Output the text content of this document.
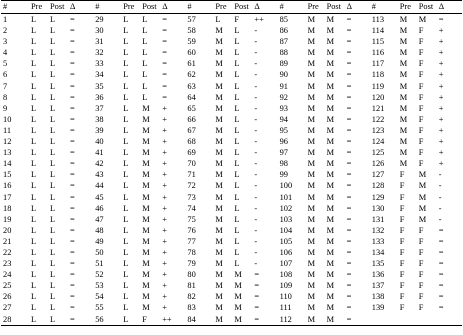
#	Pre	Post	Δ	#	Pre	Post	Δ	#	Pre	Post	Δ	#	Pre	Post	Δ	#	Pre	Post	Δ
1	L	L	=	29	L	L	=	57	L	F	++	85	M	M	=	113	M	M	=
2	L	L	=	30	L	L	=	58	M	L	-	86	M	M	=	114	M	F	+
3	L	L	=	31	L	L	=	59	M	L	-	87	M	M	=	115	M	F	+
4	L	L	=	32	L	L	=	60	M	L	-	88	M	M	=	116	M	F	+
5	L	L	=	33	L	L	=	61	M	L	-	89	M	M	=	117	M	F	+
6	L	L	=	34	L	L	=	62	M	L	-	90	M	M	=	118	M	F	+
7	L	L	=	35	L	L	=	63	M	L	-	91	M	M	=	119	M	F	+
8	L	L	=	36	L	L	=	64	M	L	-	92	M	M	=	120	M	F	+
9	L	L	=	37	L	M	+	65	M	L	-	93	M	M	=	121	M	F	+
10	L	L	=	38	L	M	+	66	M	L	-	94	M	M	=	122	M	F	+
11	L	L	=	39	L	M	+	67	M	L	-	95	M	M	=	123	M	F	+
12	L	L	=	40	L	M	+	68	M	L	-	96	M	M	=	124	M	F	+
13	L	L	=	41	L	M	+	69	M	L	-	97	M	M	=	125	M	F	+
14	L	L	=	42	L	M	+	70	M	L	-	98	M	M	=	126	M	F	+
15	L	L	=	43	L	M	+	71	M	L	-	99	M	M	=	127	F	M	-
16	L	L	=	44	L	M	+	72	M	L	-	100	M	M	=	128	F	M	-
17	L	L	=	45	L	M	+	73	M	L	-	101	M	M	=	129	F	M	-
18	L	L	=	46	L	M	+	74	M	L	-	102	M	M	=	130	F	M	-
19	L	L	=	47	L	M	+	75	M	L	-	103	M	M	=	131	F	M	-
20	L	L	=	48	L	M	+	76	M	L	-	104	M	M	=	132	F	F	=
21	L	L	=	49	L	M	+	77	M	L	-	105	M	M	=	133	F	F	=
22	L	L	=	50	L	M	+	78	M	L	-	106	M	M	=	134	F	F	=
23	L	L	=	51	L	M	+	79	M	L	-	107	M	M	=	135	F	F	=
24	L	L	=	52	L	M	+	80	M	M	=	108	M	M	=	136	F	F	=
25	L	L	=	53	L	M	+	81	M	M	=	109	M	M	=	137	F	F	=
26	L	L	=	54	L	M	+	82	M	M	=	110	M	M	=	138	F	F	=
27	L	L	=	55	L	M	+	83	M	M	=	111	M	M	=	139	F	F	=
28	L	L	=	56	L	F	++	84	M	M	=	112	M	M	=				
